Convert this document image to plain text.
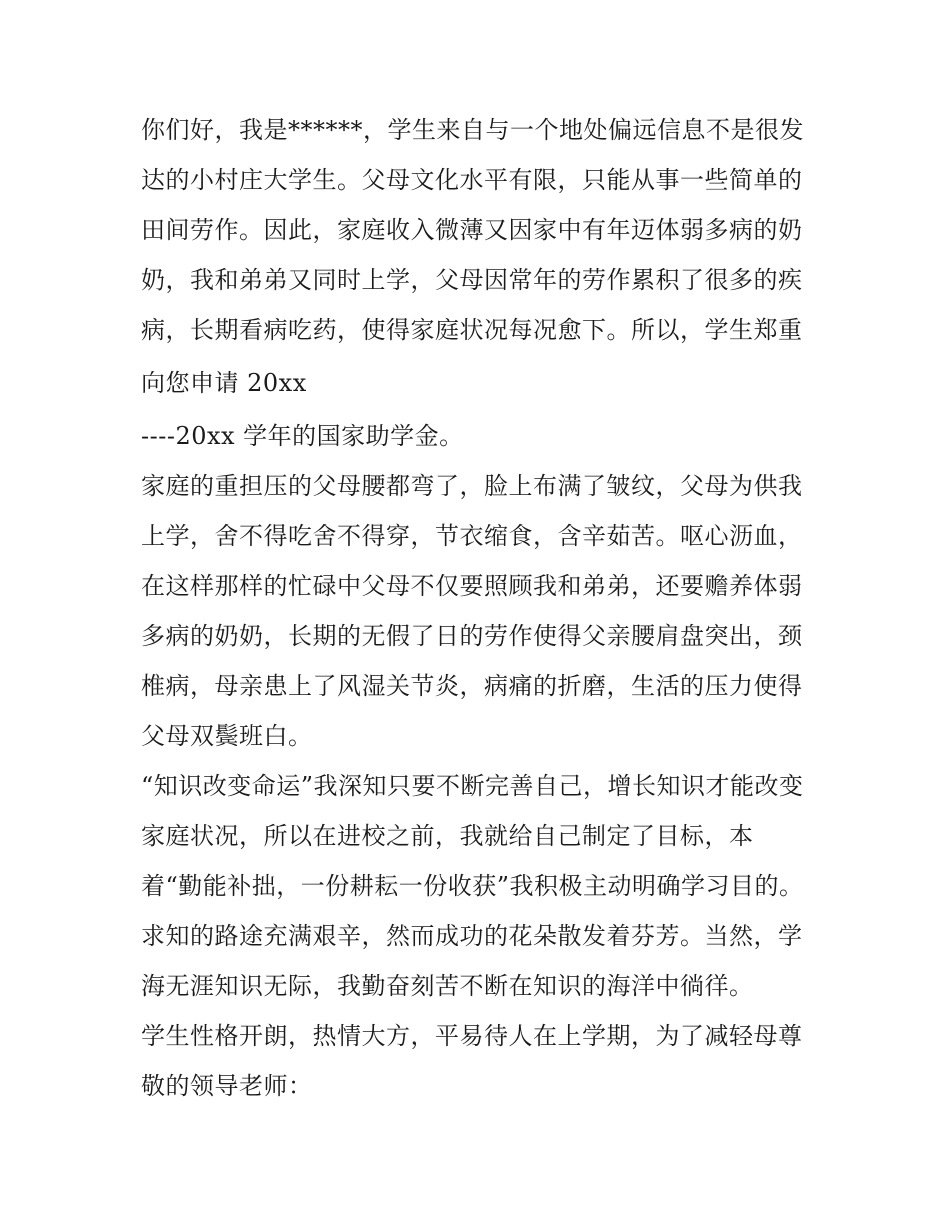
你们好，我是******，学生来自与一个地处偏远信息不是很发
达的小村庄大学生。父母文化水平有限，只能从事一些简单的
田间劳作。因此，家庭收入微薄又因家中有年迈体弱多病的奶
奶，我和弟弟又同时上学，父母因常年的劳作累积了很多的疾
病，长期看病吃药，使得家庭状况每况愈下。所以，学生郑重
向您申请 20xx
----20xx 学年的国家助学金。
家庭的重担压的父母腰都弯了，脸上布满了皱纹，父母为供我
上学，舍不得吃舍不得穿，节衣缩食，含辛茹苦。呕心沥血，
在这样那样的忙碌中父母不仅要照顾我和弟弟，还要赡养体弱
多病的奶奶，长期的无假了日的劳作使得父亲腰肩盘突出，颈
椎病，母亲患上了风湿关节炎，病痛的折磨，生活的压力使得
父母双鬓班白。
“知识改变命运”我深知只要不断完善自己，增长知识才能改变
家庭状况，所以在进校之前，我就给自己制定了目标，本
着“勤能补拙，一份耕耘一份收获”我积极主动明确学习目的。
求知的路途充满艰辛，然而成功的花朵散发着芬芳。当然，学
海无涯知识无际，我勤奋刻苦不断在知识的海洋中徜徉。
学生性格开朗，热情大方，平易待人在上学期，为了减轻母尊
敬的领导老师：
